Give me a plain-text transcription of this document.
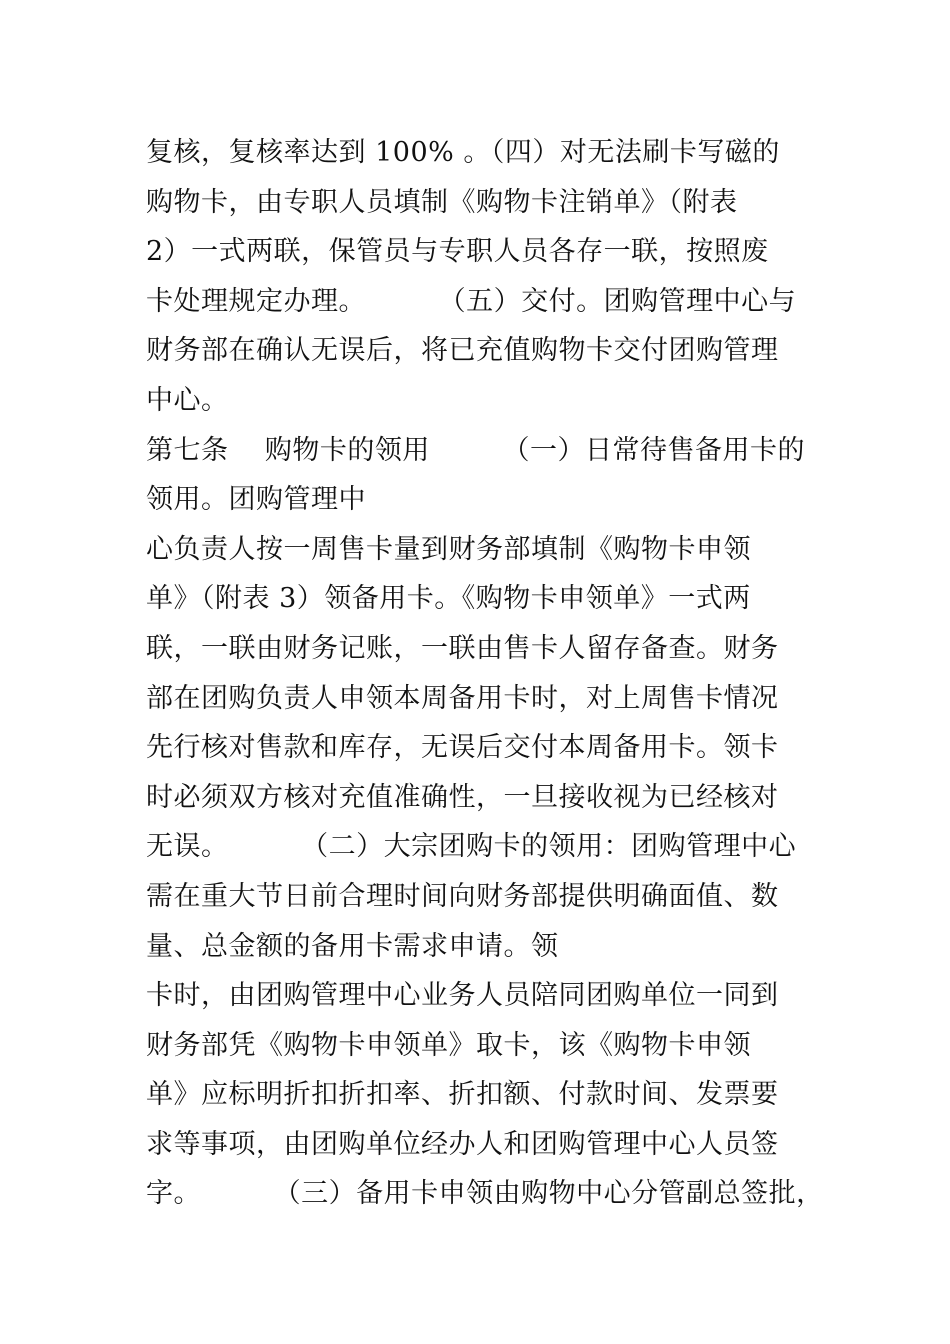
复核，复核率达到 100% 。（四）对无法刷卡写磁的
购物卡，由专职人员填制《购物卡注销单》（附表
2）一式两联，保管员与专职人员各存一联，按照废
卡处理规定办理。        （五）交付。团购管理中心与
财务部在确认无误后，将已充值购物卡交付团购管理
中心。
第七条    购物卡的领用        （一）日常待售备用卡的
领用。团购管理中
心负责人按一周售卡量到财务部填制《购物卡申领
单》（附表 3）领备用卡。《购物卡申领单》一式两
联，一联由财务记账，一联由售卡人留存备查。财务
部在团购负责人申领本周备用卡时，对上周售卡情况
先行核对售款和库存，无误后交付本周备用卡。领卡
时必须双方核对充值准确性，一旦接收视为已经核对
无误。        （二）大宗团购卡的领用：团购管理中心
需在重大节日前合理时间向财务部提供明确面值、数
量、总金额的备用卡需求申请。领
卡时，由团购管理中心业务人员陪同团购单位一同到
财务部凭《购物卡申领单》取卡，该《购物卡申领
单》应标明折扣折扣率、折扣额、付款时间、发票要
求等事项，由团购单位经办人和团购管理中心人员签
字。        （三）备用卡申领由购物中心分管副总签批，
